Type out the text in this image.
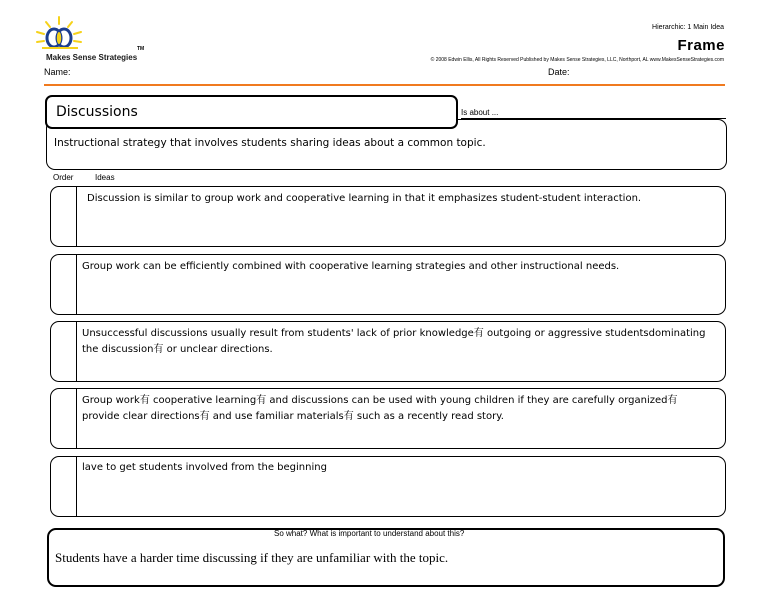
Makes Sense Strategies
TM
Hierarchic: 1 Main Idea
Frame
© 2008 Edwin Ellis, All Rights Reserved Published by Makes Sense Strategies, LLC, Northport, AL www.MakesSenseStrategies.com
Name:	Date:
Instructional strategy that involves students sharing ideas about a common topic.
Discussions	Is about ...
Order	Ideas
Discussion is similar to group work and cooperative learning in that it emphasizes student-student interaction.
Group work can be efficiently combined with cooperative learning strategies and other instructional needs.
Unsuccessful discussions usually result from students' lack of prior knowledge有 outgoing or aggressive studentsdominating the discussion有 or unclear directions.
Group work有 cooperative learning有 and discussions can be used with young children if they are carefully organized有provide clear directions有 and use familiar materials有 such as a recently read story.
lave to get students involved from the beginning
Students have a harder time discussing if they are unfamiliar with the topic.
So what? What is important to understand about this?
